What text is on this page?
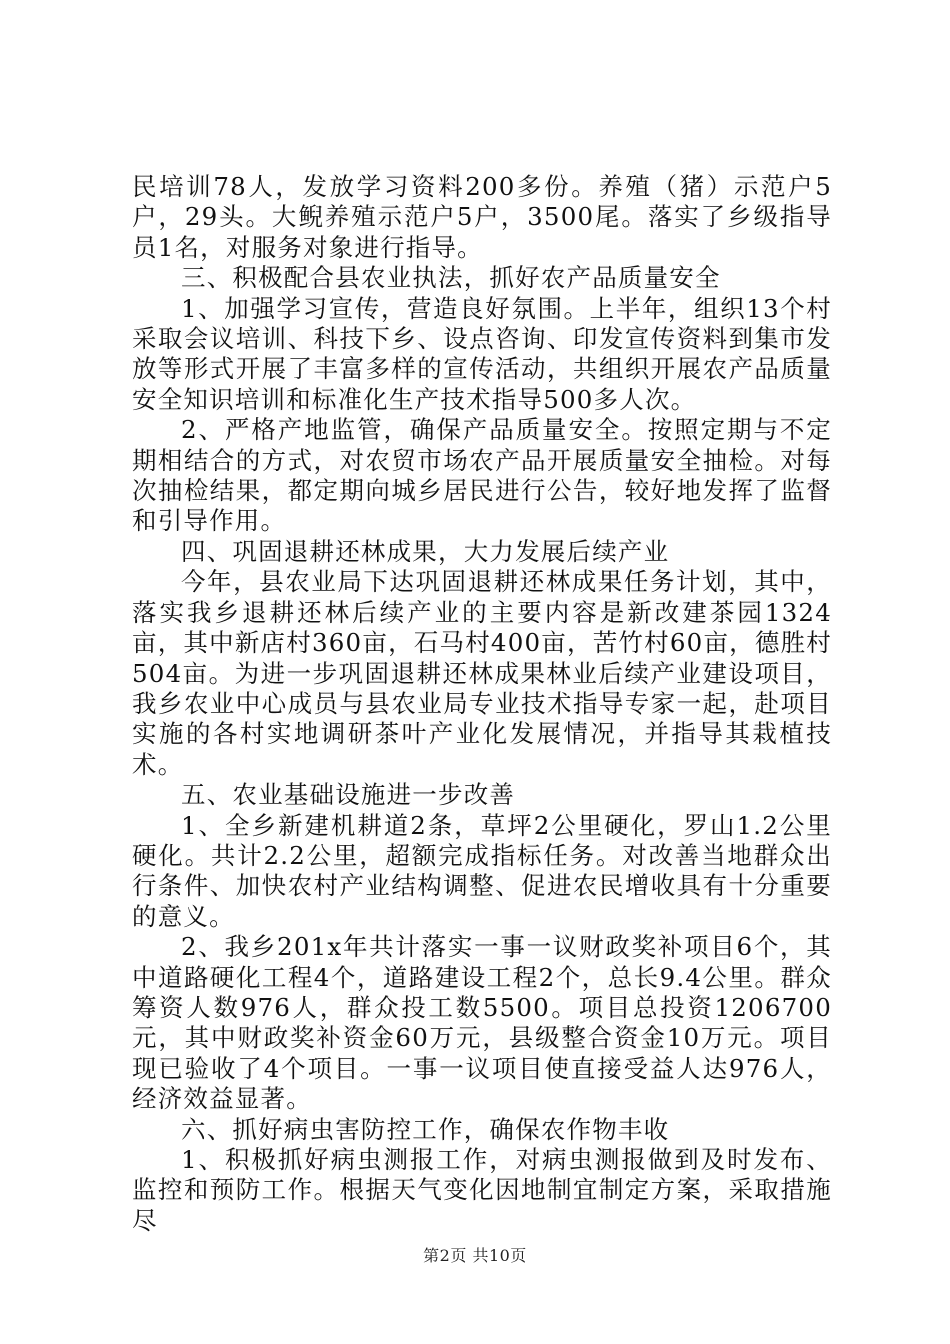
民培训78人，发放学习资料200多份。养殖（猪）示范户5户，29头。大鲵养殖示范户5户，3500尾。落实了乡级指导员1名，对服务对象进行指导。

三、积极配合县农业执法，抓好农产品质量安全

1、加强学习宣传，营造良好氛围。上半年，组织13个村采取会议培训、科技下乡、设点咨询、印发宣传资料到集市发放等形式开展了丰富多样的宣传活动，共组织开展农产品质量安全知识培训和标准化生产技术指导500多人次。

2、严格产地监管，确保产品质量安全。按照定期与不定期相结合的方式，对农贸市场农产品开展质量安全抽检。对每次抽检结果，都定期向城乡居民进行公告，较好地发挥了监督和引导作用。

四、巩固退耕还林成果，大力发展后续产业

今年，县农业局下达巩固退耕还林成果任务计划，其中，落实我乡退耕还林后续产业的主要内容是新改建茶园1324亩，其中新店村360亩，石马村400亩，苦竹村60亩，德胜村504亩。为进一步巩固退耕还林成果林业后续产业建设项目，我乡农业中心成员与县农业局专业技术指导专家一起，赴项目实施的各村实地调研茶叶产业化发展情况，并指导其栽植技术。

五、农业基础设施进一步改善

1、全乡新建机耕道2条，草坪2公里硬化，罗山1.2公里硬化。共计2.2公里，超额完成指标任务。对改善当地群众出行条件、加快农村产业结构调整、促进农民增收具有十分重要的意义。

2、我乡201x年共计落实一事一议财政奖补项目6个，其中道路硬化工程4个，道路建设工程2个，总长9.4公里。群众筹资人数976人，群众投工数5500。项目总投资1206700元，其中财政奖补资金60万元，县级整合资金10万元。项目现已验收了4个项目。一事一议项目使直接受益人达976人，经济效益显著。

六、抓好病虫害防控工作，确保农作物丰收

1、积极抓好病虫测报工作，对病虫测报做到及时发布、监控和预防工作。根据天气变化因地制宜制定方案，采取措施尽

第2页 共10页
